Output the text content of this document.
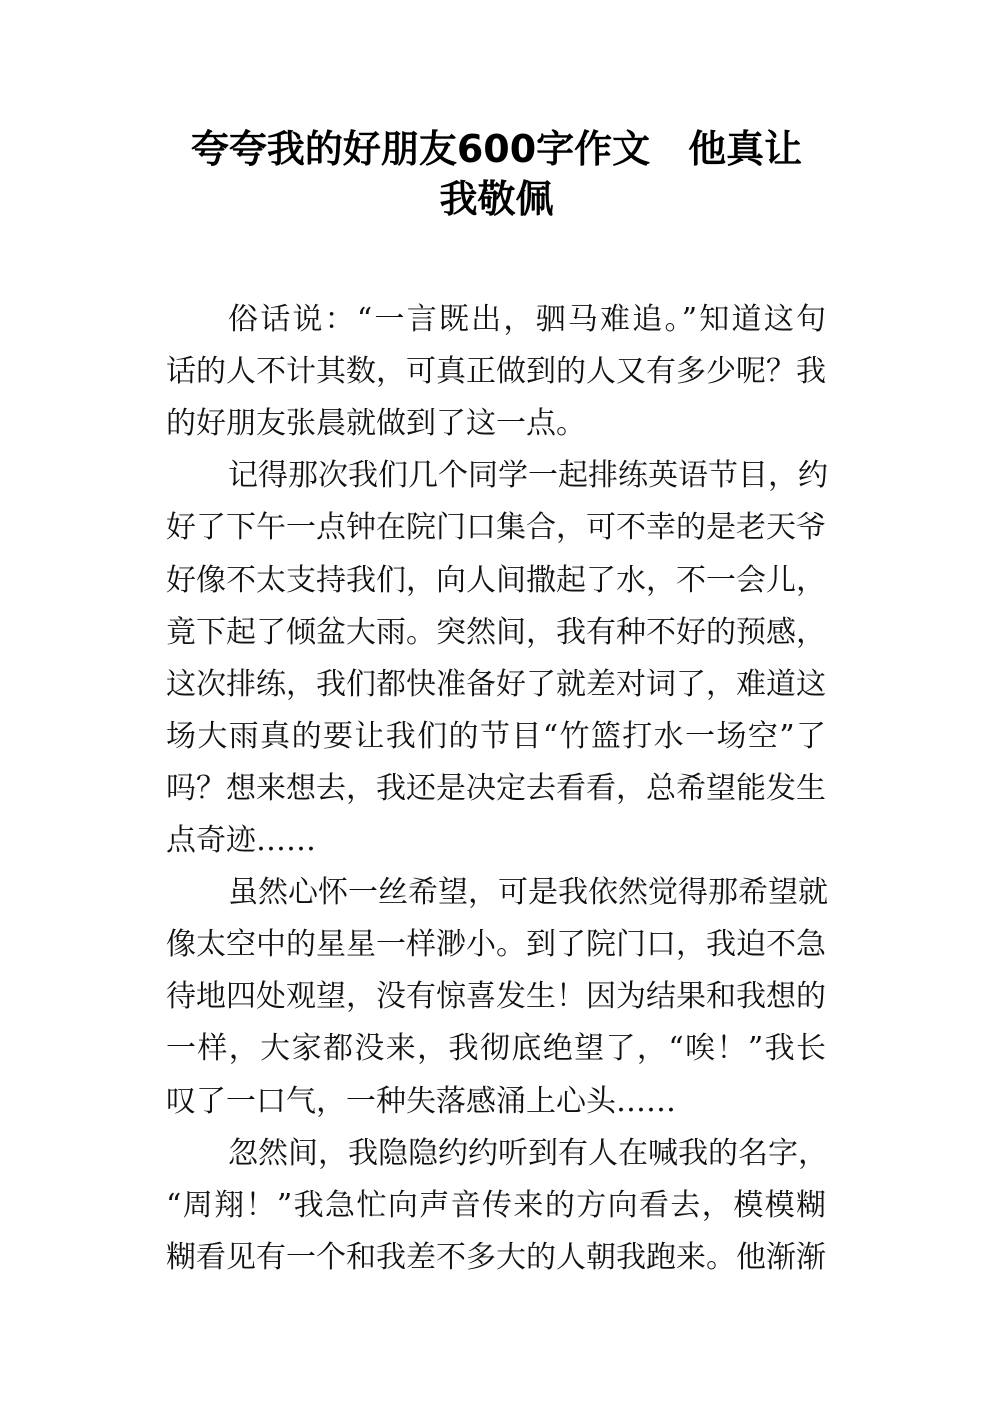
夸夸我的好朋友600字作文　他真让
我敬佩
俗话说：“一言既出，驷马难追。”知道这句
话的人不计其数，可真正做到的人又有多少呢？我
的好朋友张晨就做到了这一点。
记得那次我们几个同学一起排练英语节目，约
好了下午一点钟在院门口集合，可不幸的是老天爷
好像不太支持我们，向人间撒起了水，不一会儿，
竟下起了倾盆大雨。突然间，我有种不好的预感，
这次排练，我们都快准备好了就差对词了，难道这
场大雨真的要让我们的节目“竹篮打水一场空”了
吗？想来想去，我还是决定去看看，总希望能发生
点奇迹……
虽然心怀一丝希望，可是我依然觉得那希望就
像太空中的星星一样渺小。到了院门口，我迫不急
待地四处观望，没有惊喜发生！因为结果和我想的
一样，大家都没来，我彻底绝望了，“唉！”我长
叹了一口气，一种失落感涌上心头……
忽然间，我隐隐约约听到有人在喊我的名字，
“周翔！”我急忙向声音传来的方向看去，模模糊
糊看见有一个和我差不多大的人朝我跑来。他渐渐
